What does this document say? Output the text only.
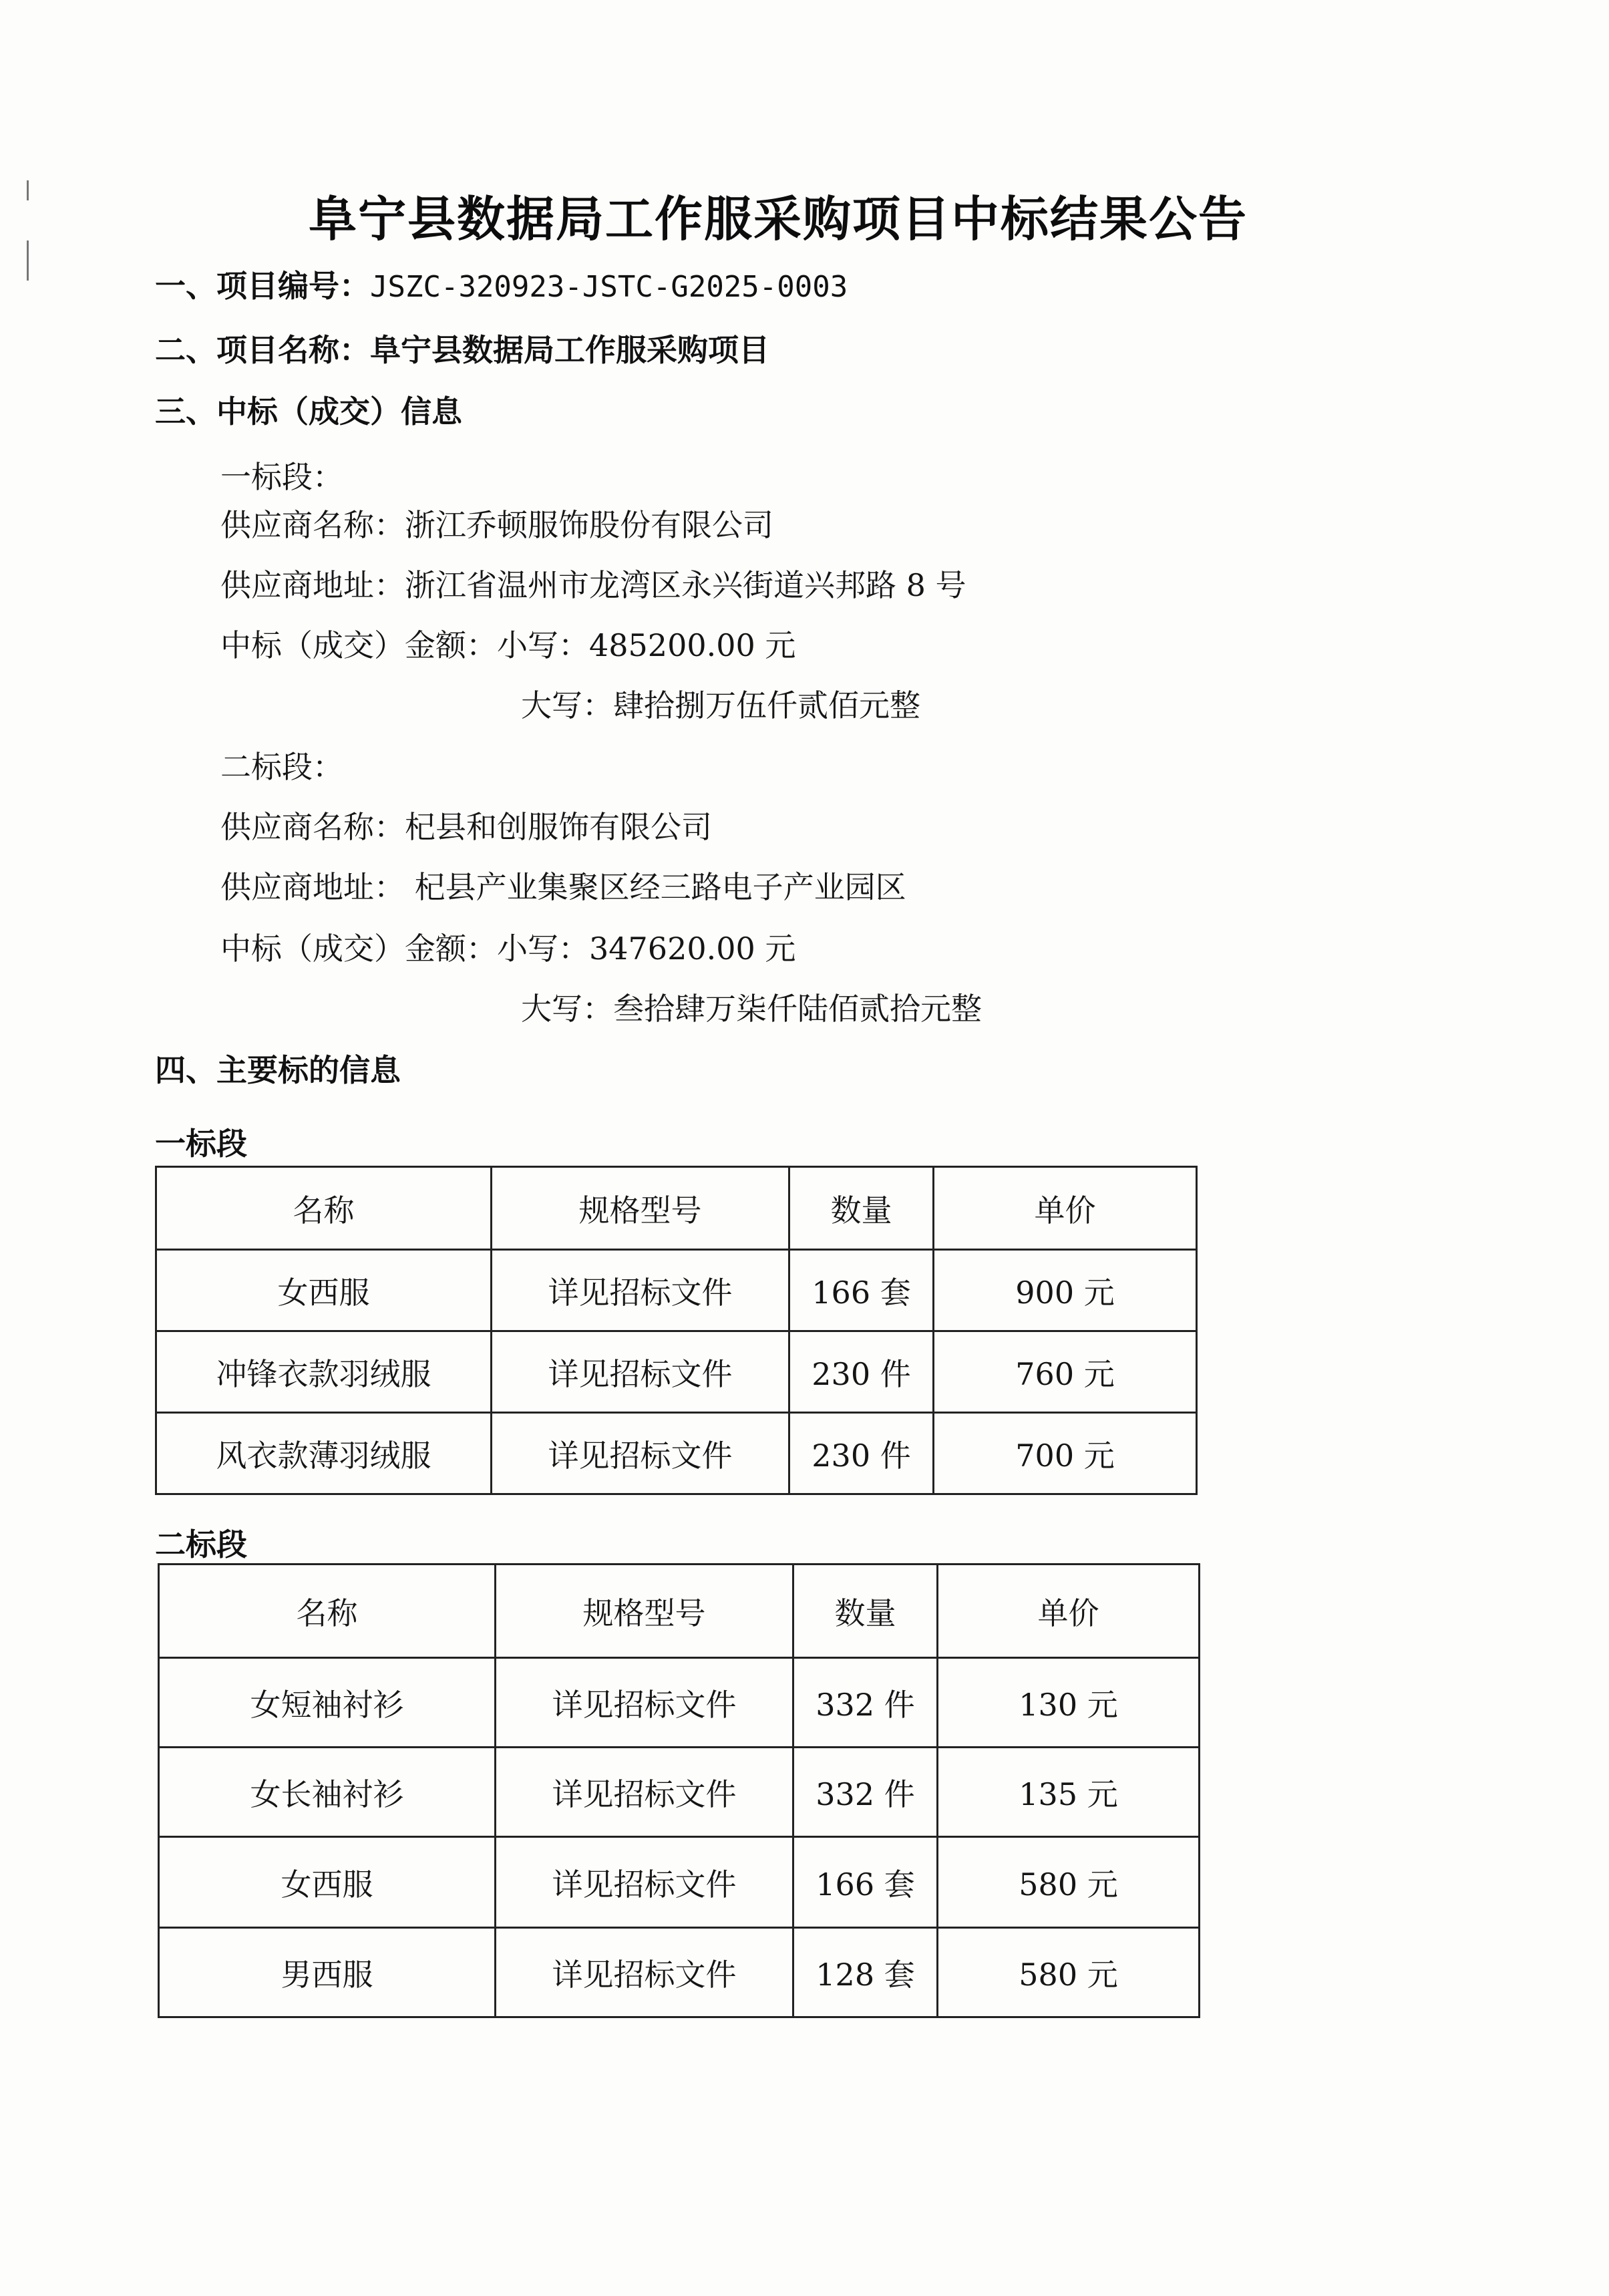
阜宁县数据局工作服采购项目中标结果公告
一、项目编号：JSZC-320923-JSTC-G2025-0003
二、项目名称：阜宁县数据局工作服采购项目
三、中标（成交）信息
一标段：
供应商名称：浙江乔顿服饰股份有限公司
供应商地址：浙江省温州市龙湾区永兴街道兴邦路 8 号
中标（成交）金额：小写：485200.00 元
大写：肆拾捌万伍仟贰佰元整
二标段：
供应商名称：杞县和创服饰有限公司
供应商地址： 杞县产业集聚区经三路电子产业园区
中标（成交）金额：小写：347620.00 元
大写：叁拾肆万柒仟陆佰贰拾元整
四、主要标的信息
一标段
名称	规格型号	数量	单价
女西服	详见招标文件	166 套	900 元
冲锋衣款羽绒服	详见招标文件	230 件	760 元
风衣款薄羽绒服	详见招标文件	230 件	700 元
二标段
名称	规格型号	数量	单价
女短袖衬衫	详见招标文件	332 件	130 元
女长袖衬衫	详见招标文件	332 件	135 元
女西服	详见招标文件	166 套	580 元
男西服	详见招标文件	128 套	580 元
